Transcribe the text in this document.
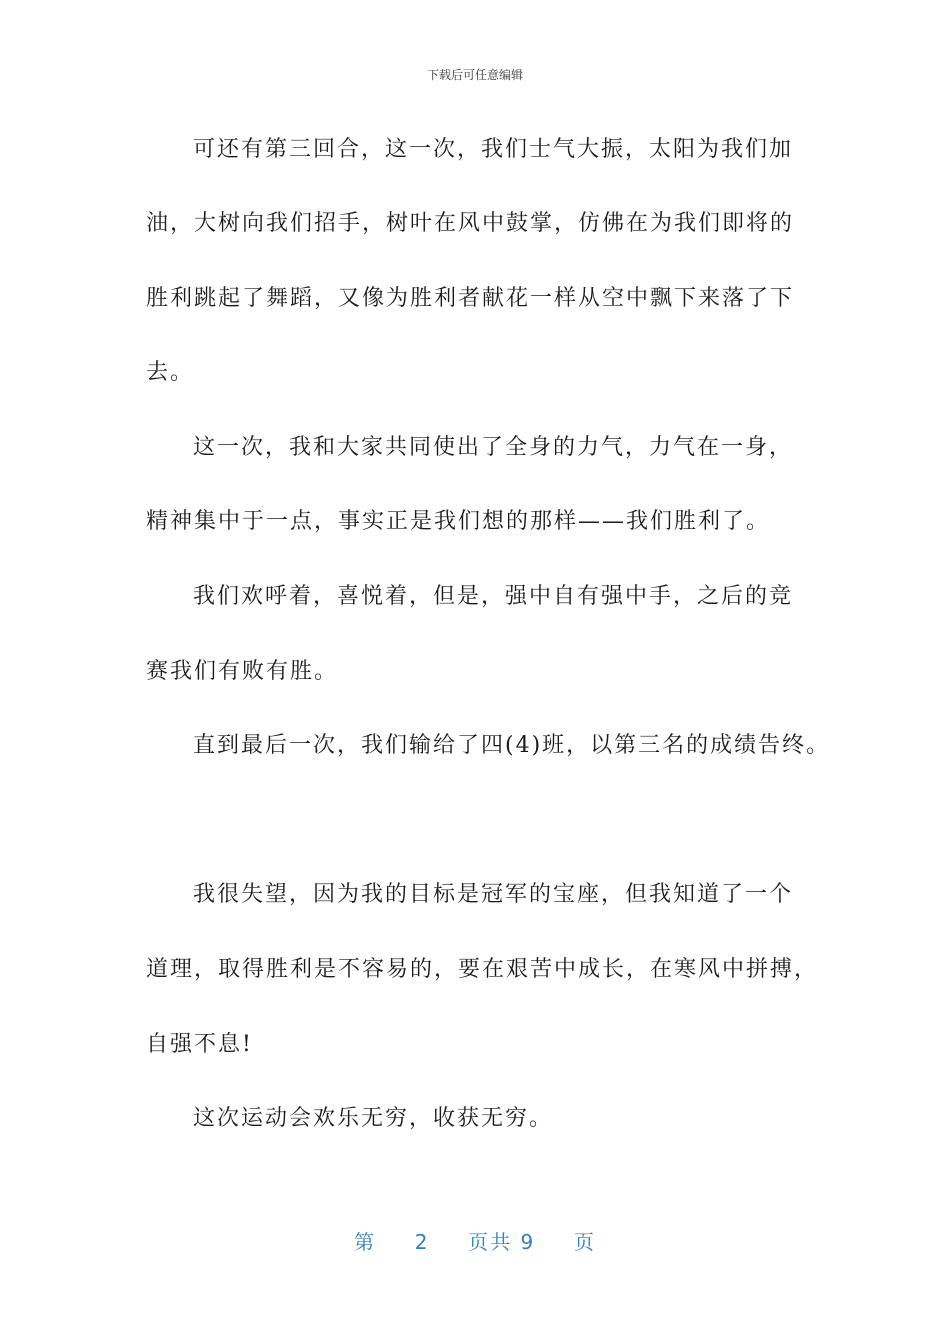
下载后可任意编辑
可还有第三回合，这一次，我们士气大振，太阳为我们加
油，大树向我们招手，树叶在风中鼓掌，仿佛在为我们即将的
胜利跳起了舞蹈，又像为胜利者献花一样从空中飘下来落了下
去。
这一次，我和大家共同使出了全身的力气，力气在一身，
精神集中于一点，事实正是我们想的那样——我们胜利了。
我们欢呼着，喜悦着，但是，强中自有强中手，之后的竞
赛我们有败有胜。
直到最后一次，我们输给了四(4)班，以第三名的成绩告终。
我很失望，因为我的目标是冠军的宝座，但我知道了一个
道理，取得胜利是不容易的，要在艰苦中成长，在寒风中拼搏，
自强不息!
这次运动会欢乐无穷，收获无穷。
第 2 页共 9 页
